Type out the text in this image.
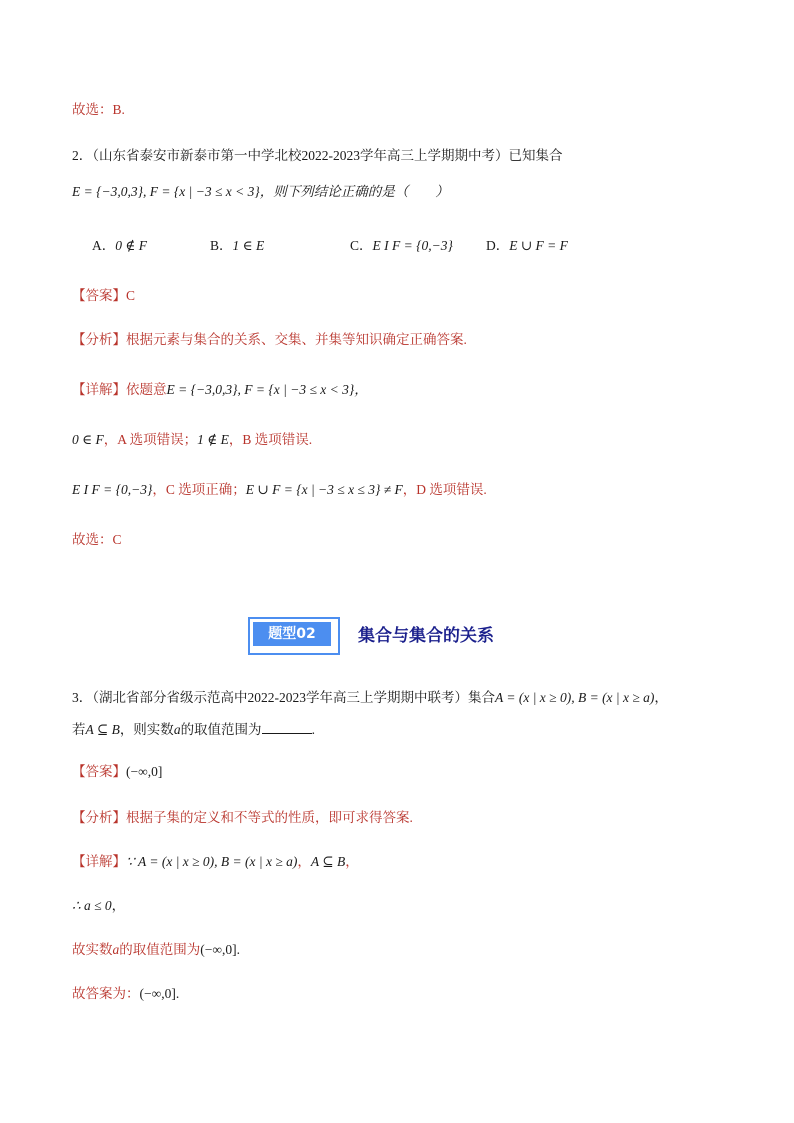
故选：B.
2．（山东省泰安市新泰市第一中学北校2022-2023学年高三上学期期中考）已知集合
E = {−3,0,3}, F = {x | −3 ≤ x < 3}，则下列结论正确的是（　　）
A．0 ∉ F	B．1 ∈ E	C．E I F = {0,−3} D．E ∪ F = F
【答案】C
【分析】根据元素与集合的关系、交集、并集等知识确定正确答案.
【详解】依题意E = {−3,0,3}, F = {x | −3 ≤ x < 3}，
0 ∈ F，A 选项错误；1 ∉ E，B 选项错误.
E I F = {0,−3}，C 选项正确；E ∪ F = {x | −3 ≤ x ≤ 3} ≠ F，D 选项错误.
故选：C
题型02	集合与集合的关系
3．（湖北省部分省级示范高中2022-2023学年高三上学期期中联考）集合A = (x | x ≥ 0), B = (x | x ≥ a)，
若A ⊆ B，则实数a的取值范围为	.
【答案】(−∞,0]
【分析】根据子集的定义和不等式的性质，即可求得答案.
【详解】∵ A = (x | x ≥ 0), B = (x | x ≥ a)，A ⊆ B，
∴ a ≤ 0，
故实数a的取值范围为(−∞,0].
故答案为：(−∞,0].
